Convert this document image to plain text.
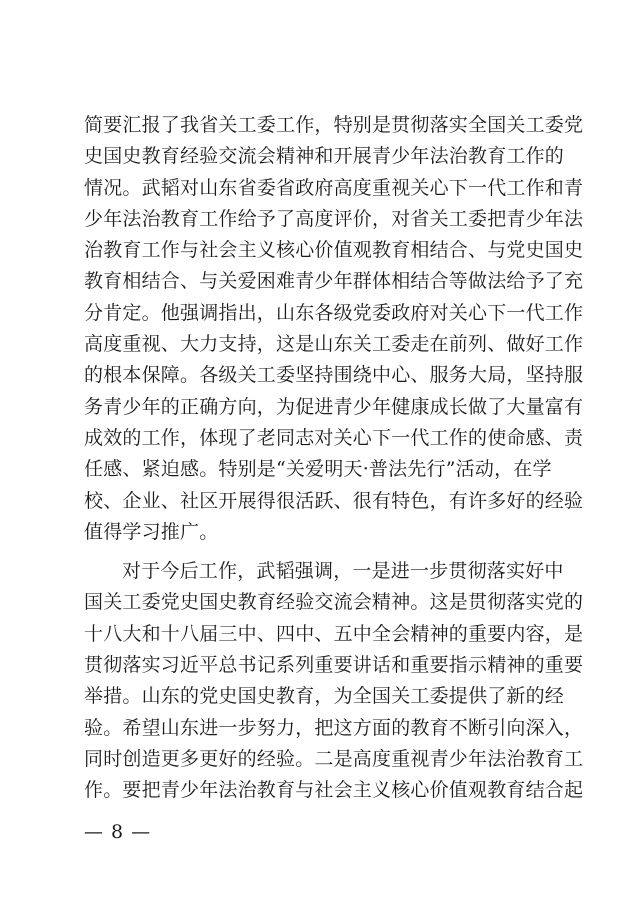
简要汇报了我省关工委工作，特别是贯彻落实全国关工委党
史国史教育经验交流会精神和开展青少年法治教育工作的
情况。武韬对山东省委省政府高度重视关心下一代工作和青
少年法治教育工作给予了高度评价，对省关工委把青少年法
治教育工作与社会主义核心价值观教育相结合、与党史国史
教育相结合、与关爱困难青少年群体相结合等做法给予了充
分肯定。他强调指出，山东各级党委政府对关心下一代工作
高度重视、大力支持，这是山东关工委走在前列、做好工作
的根本保障。各级关工委坚持围绕中心、服务大局，坚持服
务青少年的正确方向，为促进青少年健康成长做了大量富有
成效的工作，体现了老同志对关心下一代工作的使命感、责
任感、紧迫感。特别是“关爱明天·普法先行”活动，在学
校、企业、社区开展得很活跃、很有特色，有许多好的经验
值得学习推广。
对于今后工作，武韬强调，一是进一步贯彻落实好中
国关工委党史国史教育经验交流会精神。这是贯彻落实党的
十八大和十八届三中、四中、五中全会精神的重要内容，是
贯彻落实习近平总书记系列重要讲话和重要指示精神的重要
举措。山东的党史国史教育，为全国关工委提供了新的经
验。希望山东进一步努力，把这方面的教育不断引向深入，
同时创造更多更好的经验。二是高度重视青少年法治教育工
作。要把青少年法治教育与社会主义核心价值观教育结合起
— 8 —
